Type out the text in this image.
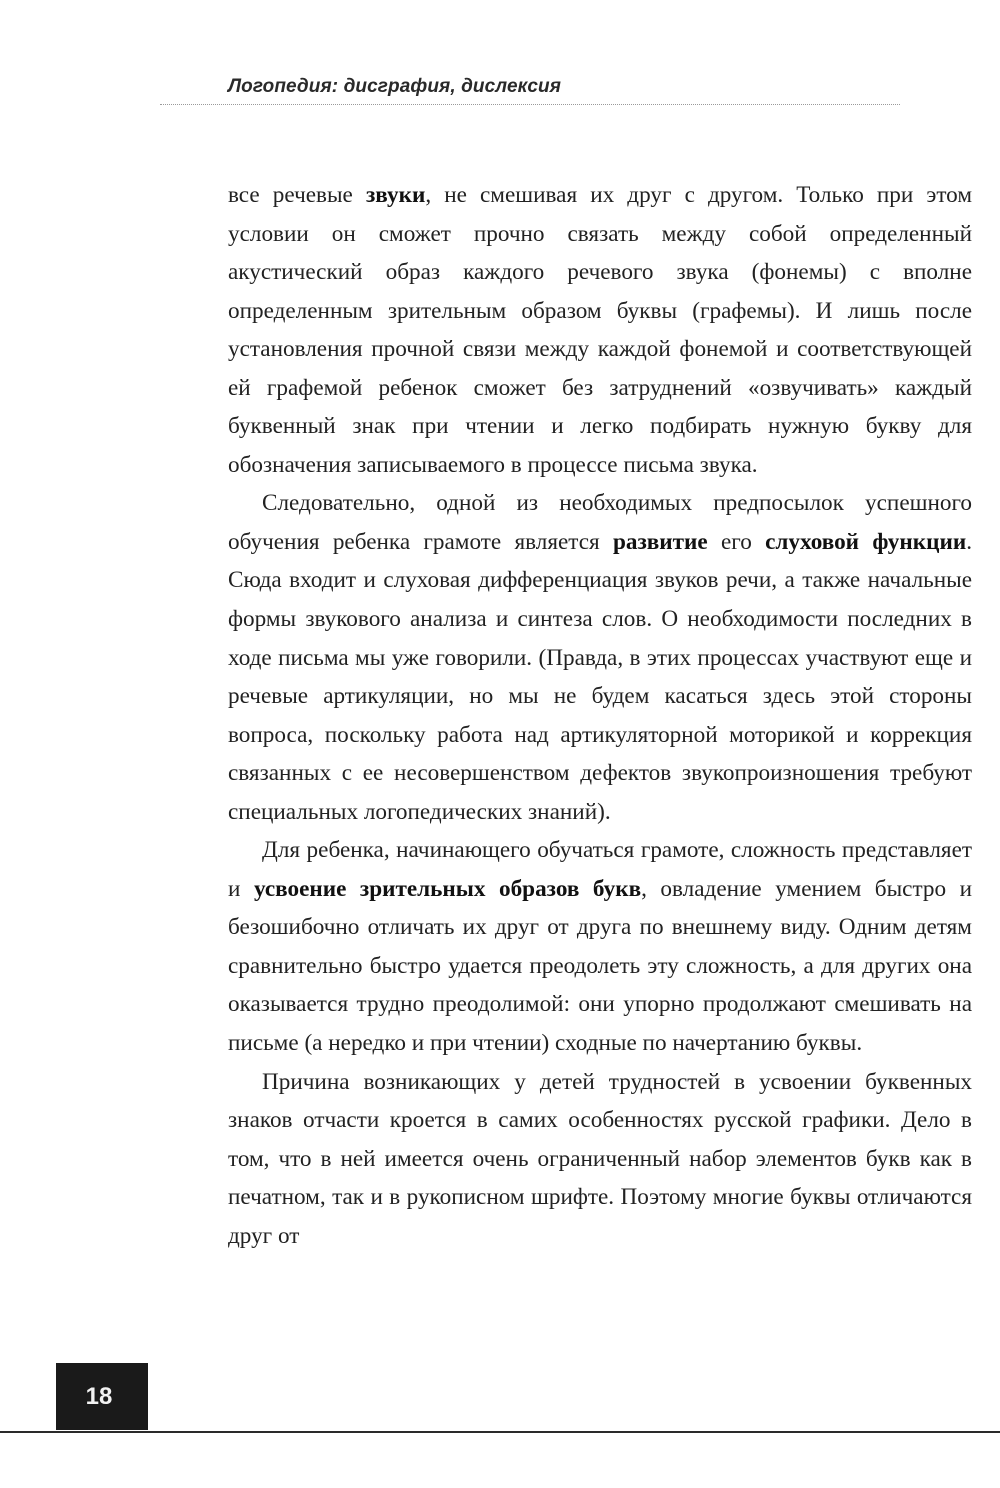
Логопедия: дисграфия, дислексия

все речевые звуки, не смешивая их друг с другом. Только при этом условии он сможет прочно связать между собой определенный акустический образ каждого речевого звука (фонемы) с вполне определенным зрительным образом буквы (графемы). И лишь после установления прочной связи между каждой фонемой и соответствующей ей графемой ребенок сможет без затруднений «озвучивать» каждый буквенный знак при чтении и легко подбирать нужную букву для обозначения записываемого в процессе письма звука.

Следовательно, одной из необходимых предпосылок успешного обучения ребенка грамоте является развитие его слуховой функции. Сюда входит и слуховая дифференциация звуков речи, а также начальные формы звукового анализа и синтеза слов. О необходимости последних в ходе письма мы уже говорили. (Правда, в этих процессах участвуют еще и речевые артикуляции, но мы не будем касаться здесь этой стороны вопроса, поскольку работа над артикуляторной моторикой и коррекция связанных с ее несовершенством дефектов звукопроизношения требуют специальных логопедических знаний).

Для ребенка, начинающего обучаться грамоте, сложность представляет и усвоение зрительных образов букв, овладение умением быстро и безошибочно отличать их друг от друга по внешнему виду. Одним детям сравнительно быстро удается преодолеть эту сложность, а для других она оказывается трудно преодолимой: они упорно продолжают смешивать на письме (а нередко и при чтении) сходные по начертанию буквы.

Причина возникающих у детей трудностей в усвоении буквенных знаков отчасти кроется в самих особенностях русской графики. Дело в том, что в ней имеется очень ограниченный набор элементов букв как в печатном, так и в рукописном шрифте. Поэтому многие буквы отличаются друг от

18
